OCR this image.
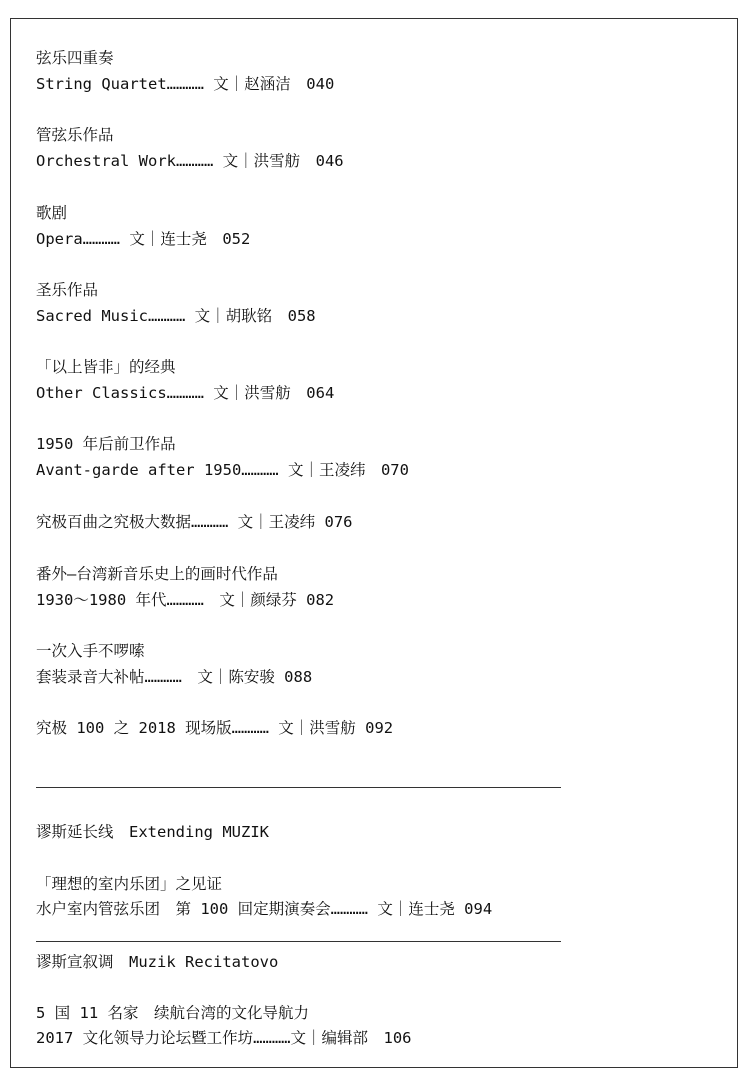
弦乐四重奏
String Quartet………… 文｜赵涵洁　040
管弦乐作品
Orchestral Work………… 文｜洪雪舫　046
歌剧
Opera………… 文｜连士尧　052
圣乐作品
Sacred Music………… 文｜胡耿铭　058
「以上皆非」的经典
Other Classics………… 文｜洪雪舫　064
1950 年后前卫作品
Avant-garde after 1950………… 文｜王凌纬　070
究极百曲之究极大数据………… 文｜王凌纬 076
番外—台湾新音乐史上的画时代作品
1930～1980 年代…………　文｜颜绿芬 082
一次入手不啰嗦
套装录音大补帖…………　文｜陈安骏 088
究极 100 之 2018 现场版………… 文｜洪雪舫 092
谬斯延长线　Extending MUZIK
「理想的室内乐团」之见证
水户室内管弦乐团　第 100 回定期演奏会………… 文｜连士尧 094
谬斯宣叙调　Muzik Recitatovo
5 国 11 名家　续航台湾的文化导航力
2017 文化领导力论坛暨工作坊…………文｜编辑部　106
